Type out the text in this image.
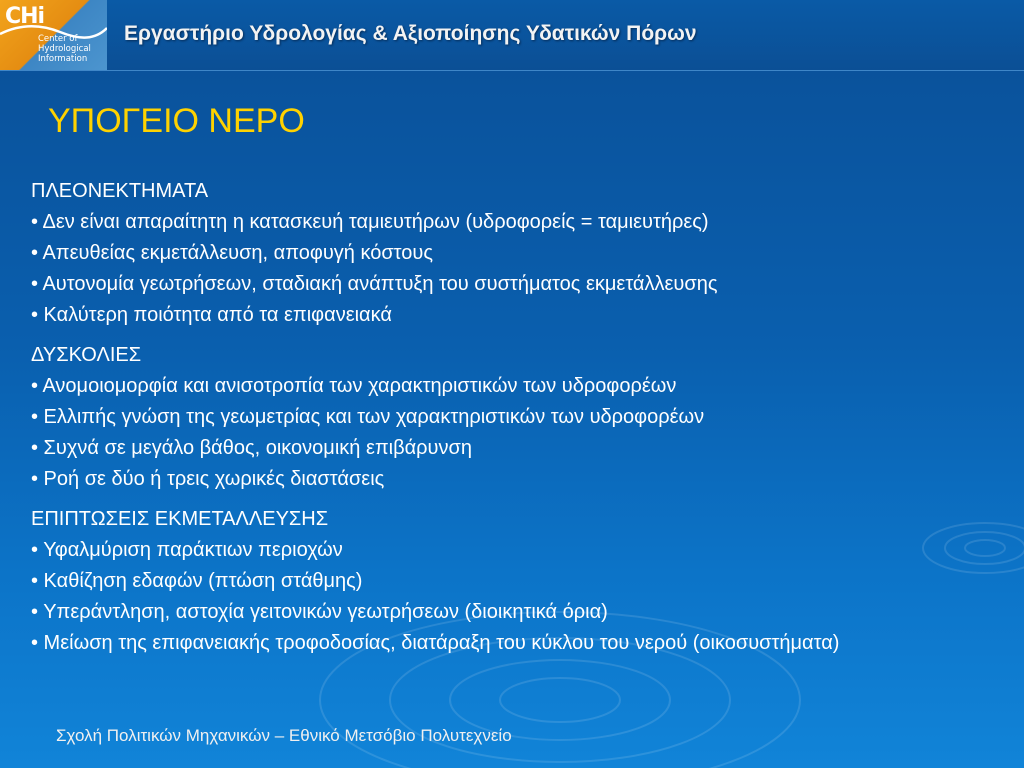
CHi
Center of
Hydrological
Information
Εργαστήριο Υδρολογίας & Αξιοποίησης Υδατικών Πόρων
ΥΠΟΓΕΙΟ ΝΕΡΟ
ΠΛΕΟΝΕΚΤΗΜΑΤΑ
• Δεν είναι απαραίτητη η κατασκευή ταμιευτήρων (υδροφορείς = ταμιευτήρες)
• Απευθείας εκμετάλλευση, αποφυγή κόστους
• Αυτονομία γεωτρήσεων, σταδιακή ανάπτυξη του συστήματος εκμετάλλευσης
• Καλύτερη ποιότητα από τα επιφανειακά
ΔΥΣΚΟΛΙΕΣ
• Ανομοιομορφία και ανισοτροπία των χαρακτηριστικών των υδροφορέων
• Ελλιπής γνώση της γεωμετρίας και των χαρακτηριστικών των υδροφορέων
• Συχνά σε μεγάλο βάθος, οικονομική επιβάρυνση
• Ροή σε δύο ή τρεις χωρικές διαστάσεις
ΕΠΙΠΤΩΣΕΙΣ ΕΚΜΕΤΑΛΛΕΥΣΗΣ
• Υφαλμύριση παράκτιων περιοχών
• Καθίζηση εδαφών (πτώση στάθμης)
• Υπεράντληση, αστοχία γειτονικών γεωτρήσεων (διοικητικά όρια)
• Μείωση της επιφανειακής τροφοδοσίας, διατάραξη του κύκλου του νερού (οικοσυστήματα)
Σχολή Πολιτικών Μηχανικών – Εθνικό Μετσόβιο Πολυτεχνείο
